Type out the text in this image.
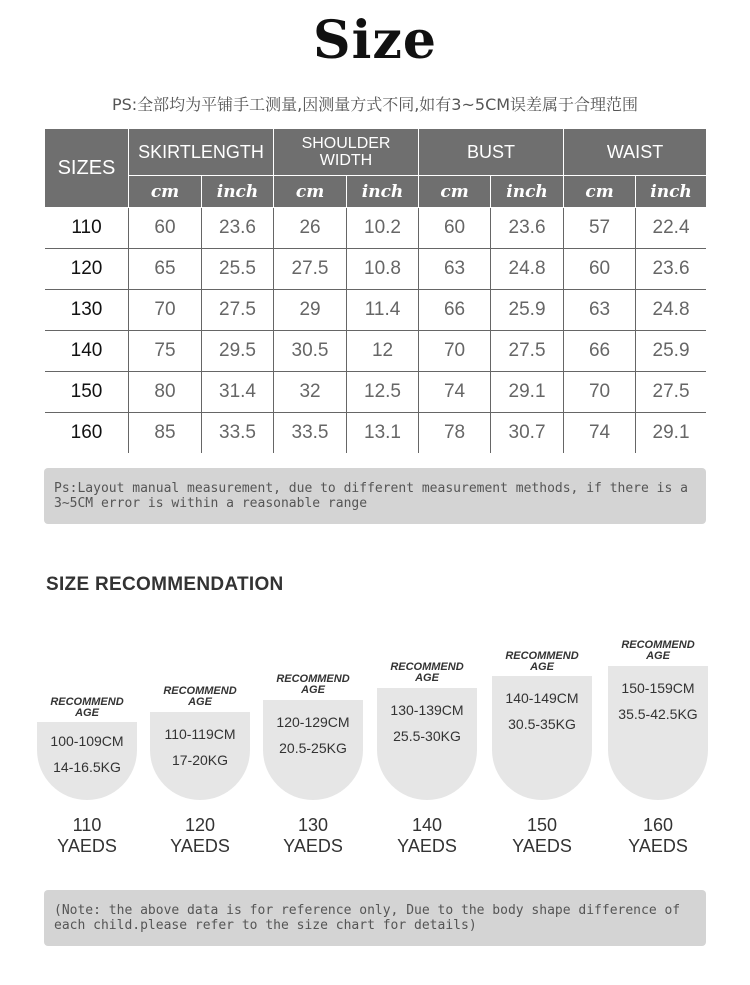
Size
PS:全部均为平铺手工测量,因测量方式不同,如有3~5CM误差属于合理范围
SIZES	SKIRTLENGTH		SHOULDER WIDTH		BUST		WAIST	
	cm	inch	cm	inch	cm	inch	cm	inch
110	60	23.6	26	10.2	60	23.6	57	22.4
120	65	25.5	27.5	10.8	63	24.8	60	23.6
130	70	27.5	29	11.4	66	25.9	63	24.8
140	75	29.5	30.5	12	70	27.5	66	25.9
150	80	31.4	32	12.5	74	29.1	70	27.5
160	85	33.5	33.5	13.1	78	30.7	74	29.1
Ps:Layout manual measurement, due to different measurement methods, if there is a 3~5CM error is within a reasonable range
SIZE RECOMMENDATION
RECOMMEND
AGE
100-109CM
14-16.5KG
110
YAEDS
RECOMMEND
AGE
110-119CM
17-20KG
120
YAEDS
RECOMMEND
AGE
120-129CM
20.5-25KG
130
YAEDS
RECOMMEND
AGE
130-139CM
25.5-30KG
140
YAEDS
RECOMMEND
AGE
140-149CM
30.5-35KG
150
YAEDS
RECOMMEND
AGE
150-159CM
35.5-42.5KG
160
YAEDS
(Note: the above data is for reference only, Due to the body shape difference of each child.please refer to the size chart for details)
